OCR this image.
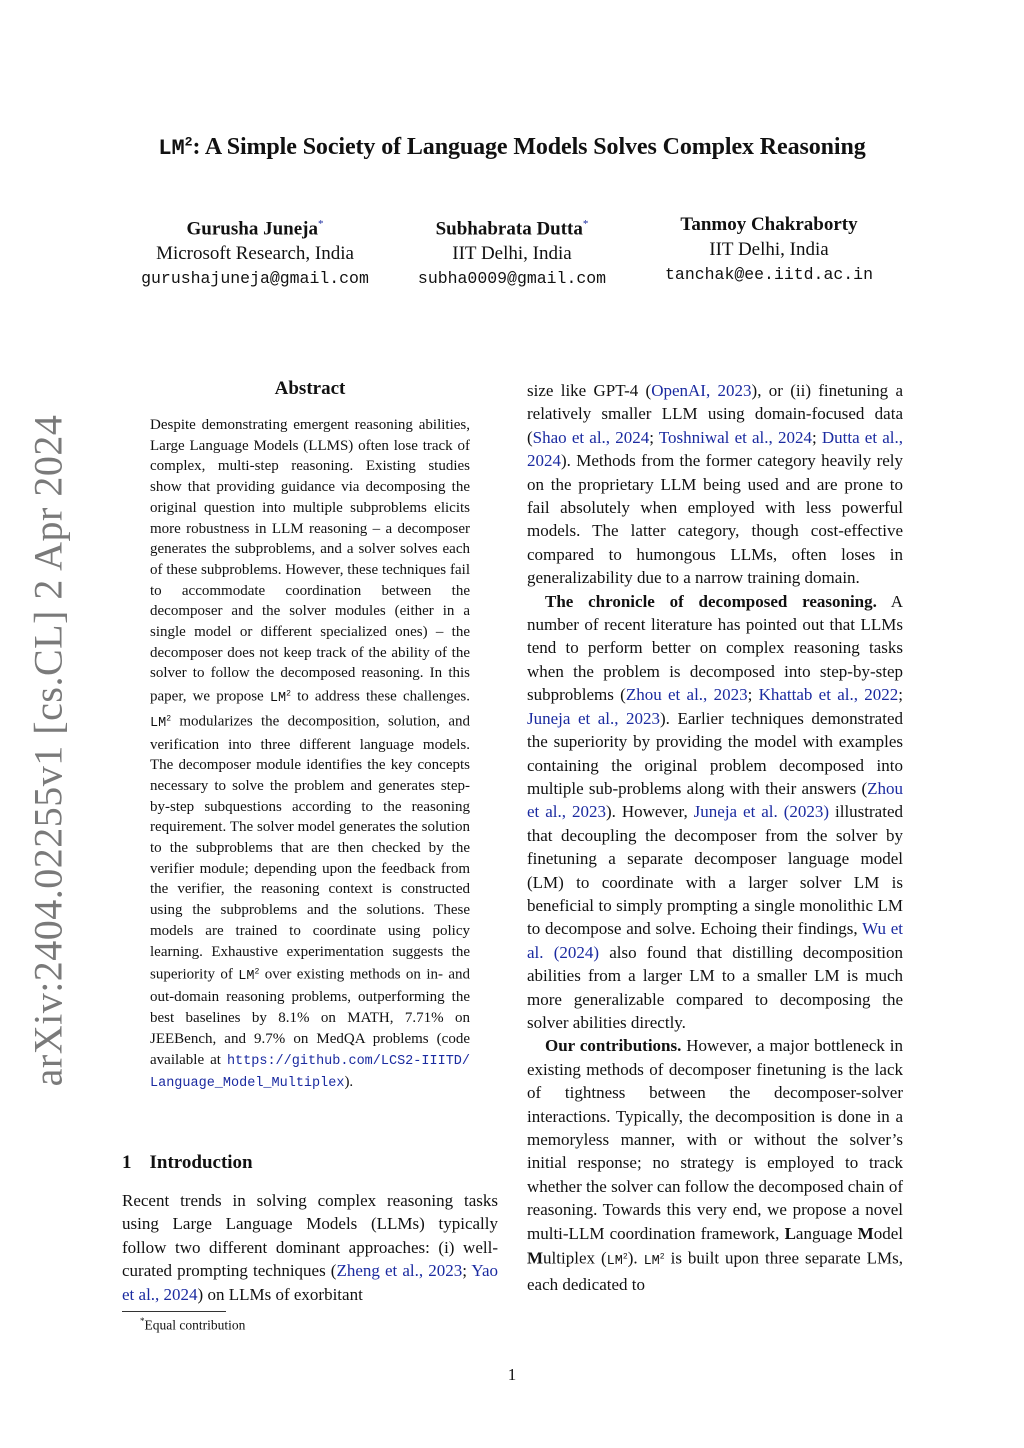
arXiv:2404.02255v1 [cs.CL] 2 Apr 2024
$LM^2$: A Simple Society of Language Models Solves Complex Reasoning
Gurusha Juneja*
Microsoft Research, India
gurushajuneja@gmail.com
Subhabrata Dutta*
IIT Delhi, India
subha0009@gmail.com
Tanmoy Chakraborty
IIT Delhi, India
tanchak@ee.iitd.ac.in
Abstract
Despite demonstrating emergent reasoning abilities, Large Language Models (LLMS) often lose track of complex, multi-step reasoning. Existing studies show that providing guidance via decomposing the original question into multiple subproblems elicits more robustness in LLM reasoning – a decomposer generates the subproblems, and a solver solves each of these subproblems. However, these techniques fail to accommodate coordination between the decomposer and the solver modules (either in a single model or different specialized ones) – the decomposer does not keep track of the ability of the solver to follow the decomposed reasoning. In this paper, we propose $LM^2$ to address these challenges. $LM^2$ modularizes the decomposition, solution, and verification into three different language models. The decomposer module identifies the key concepts necessary to solve the problem and generates step-by-step subquestions according to the reasoning requirement. The solver model generates the solution to the subproblems that are then checked by the verifier module; depending upon the feedback from the verifier, the reasoning context is constructed using the subproblems and the solutions. These models are trained to coordinate using policy learning. Exhaustive experimentation suggests the superiority of $LM^2$ over existing methods on in- and out-domain reasoning problems, outperforming the best baselines by 8.1% on MATH, 7.71% on JEEBench, and 9.7% on MedQA problems (code available at https://github.com/LCS2-IIITD/Language_Model_Multiplex).
1 Introduction
Recent trends in solving complex reasoning tasks using Large Language Models (LLMs) typically follow two different dominant approaches: (i) well-curated prompting techniques (Zheng et al., 2023; Yao et al., 2024) on LLMs of exorbitant
*Equal contribution

size like GPT-4 (OpenAI, 2023), or (ii) finetuning a relatively smaller LLM using domain-focused data (Shao et al., 2024; Toshniwal et al., 2024; Dutta et al., 2024). Methods from the former category heavily rely on the proprietary LLM being used and are prone to fail absolutely when employed with less powerful models. The latter category, though cost-effective compared to humongous LLMs, often loses in generalizability due to a narrow training domain.

The chronicle of decomposed reasoning. A number of recent literature has pointed out that LLMs tend to perform better on complex reasoning tasks when the problem is decomposed into step-by-step subproblems (Zhou et al., 2023; Khattab et al., 2022; Juneja et al., 2023). Earlier techniques demonstrated the superiority by providing the model with examples containing the original problem decomposed into multiple sub-problems along with their answers (Zhou et al., 2023). However, Juneja et al. (2023) illustrated that decoupling the decomposer from the solver by finetuning a separate decomposer language model (LM) to coordinate with a larger solver LM is beneficial to simply prompting a single monolithic LM to decompose and solve. Echoing their findings, Wu et al. (2024) also found that distilling decomposition abilities from a larger LM to a smaller LM is much more generalizable compared to decomposing the solver abilities directly.

Our contributions. However, a major bottleneck in existing methods of decomposer finetuning is the lack of tightness between the decomposer-solver interactions. Typically, the decomposition is done in a memoryless manner, with or without the solver’s initial response; no strategy is employed to track whether the solver can follow the decomposed chain of reasoning. Towards this very end, we propose a novel multi-LLM coordination framework, Language Model Multiplex $(LM^2)$. $LM^2$ is built upon three separate LMs, each dedicated to

1
